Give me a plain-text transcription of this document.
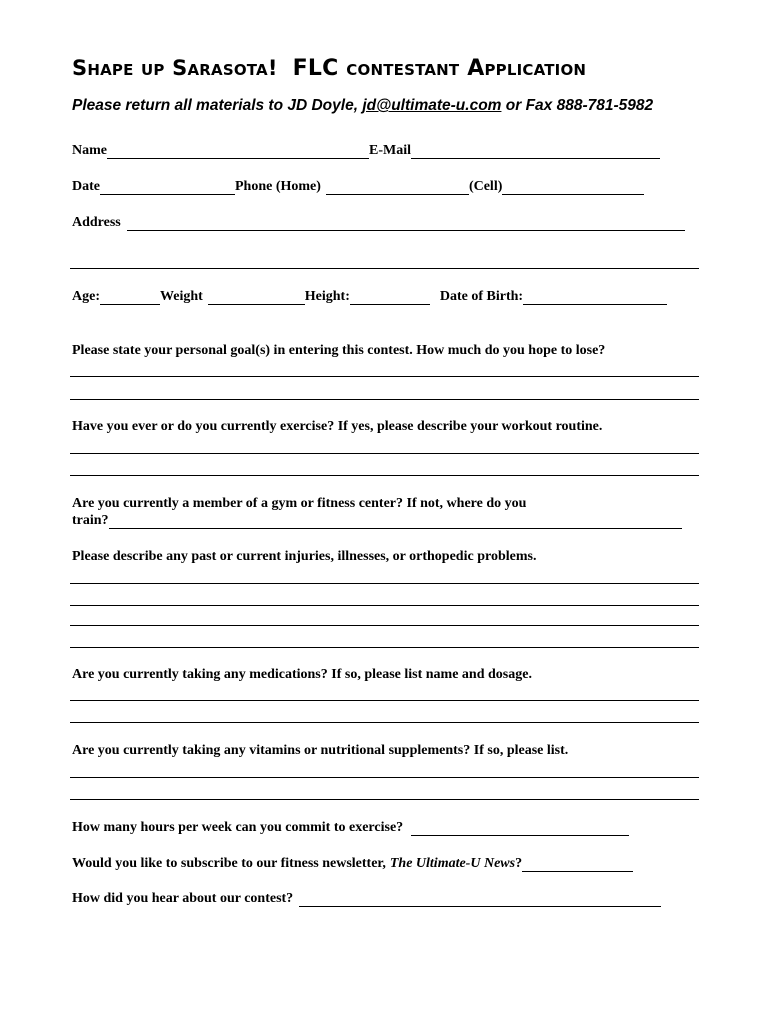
Shape up Sarasota! FLC contestant Application
Please return all materials to JD Doyle, jd@ultimate-u.com or Fax 888-781-5982
Name	E-Mail
Date	Phone (Home)	(Cell)
Address
Age:	Weight	Height:	Date of Birth:
Please state your personal goal(s) in entering this contest. How much do you hope to lose?
Have you ever or do you currently exercise? If yes, please describe your workout routine.
Are you currently a member of a gym or fitness center? If not, where do you
train?
Please describe any past or current injuries, illnesses, or orthopedic problems.
Are you currently taking any medications? If so, please list name and dosage.
Are you currently taking any vitamins or nutritional supplements? If so, please list.
How many hours per week can you commit to exercise?
Would you like to subscribe to our fitness newsletter, The Ultimate-U News ?
How did you hear about our contest?
